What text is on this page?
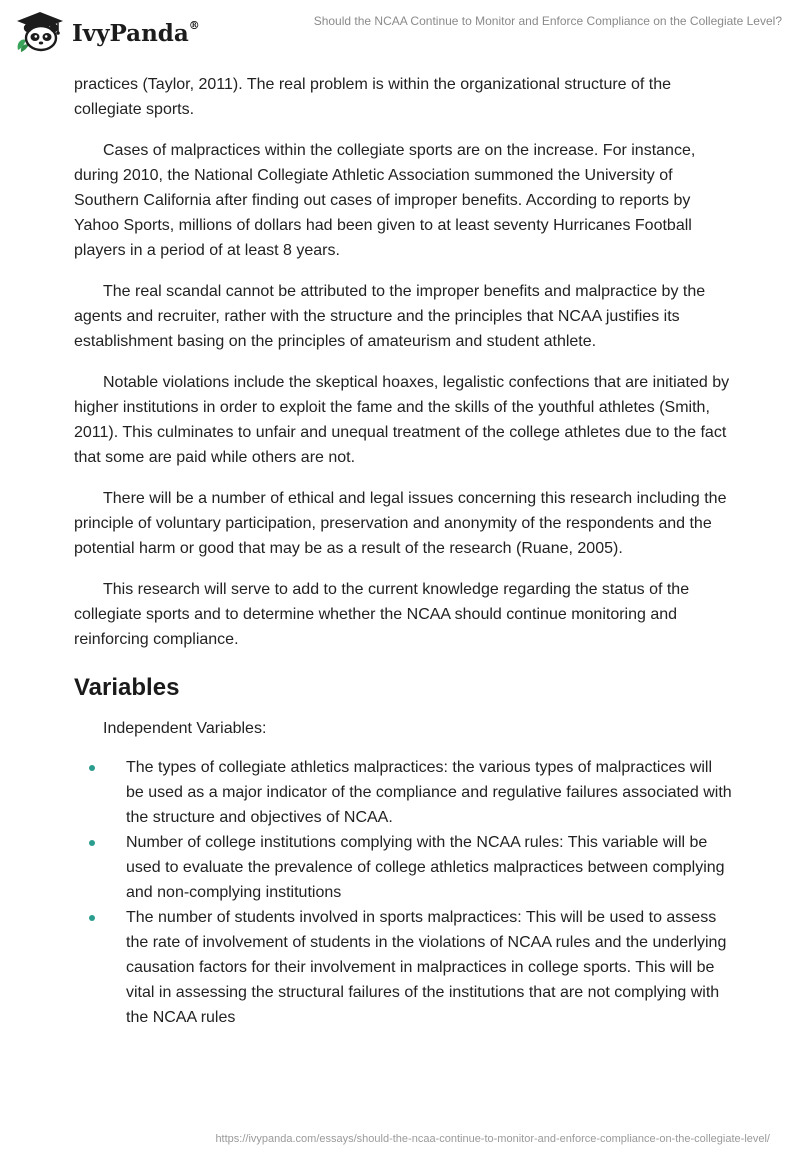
IvyPanda®	Should the NCAA Continue to Monitor and Enforce Compliance on the Collegiate Level?

practices (Taylor, 2011). The real problem is within the organizational structure of the collegiate sports.

Cases of malpractices within the collegiate sports are on the increase. For instance, during 2010, the National Collegiate Athletic Association summoned the University of Southern California after finding out cases of improper benefits. According to reports by Yahoo Sports, millions of dollars had been given to at least seventy Hurricanes Football players in a period of at least 8 years.

The real scandal cannot be attributed to the improper benefits and malpractice by the agents and recruiter, rather with the structure and the principles that NCAA justifies its establishment basing on the principles of amateurism and student athlete.

Notable violations include the skeptical hoaxes, legalistic confections that are initiated by higher institutions in order to exploit the fame and the skills of the youthful athletes (Smith, 2011). This culminates to unfair and unequal treatment of the college athletes due to the fact that some are paid while others are not.

There will be a number of ethical and legal issues concerning this research including the principle of voluntary participation, preservation and anonymity of the respondents and the potential harm or good that may be as a result of the research (Ruane, 2005).

This research will serve to add to the current knowledge regarding the status of the collegiate sports and to determine whether the NCAA should continue monitoring and reinforcing compliance.

Variables

Independent Variables:

The types of collegiate athletics malpractices: the various types of malpractices will be used as a major indicator of the compliance and regulative failures associated with the structure and objectives of NCAA.
Number of college institutions complying with the NCAA rules: This variable will be used to evaluate the prevalence of college athletics malpractices between complying and non-complying institutions
The number of students involved in sports malpractices: This will be used to assess the rate of involvement of students in the violations of NCAA rules and the underlying causation factors for their involvement in malpractices in college sports. This will be vital in assessing the structural failures of the institutions that are not complying with the NCAA rules
https://ivypanda.com/essays/should-the-ncaa-continue-to-monitor-and-enforce-compliance-on-the-collegiate-level/
